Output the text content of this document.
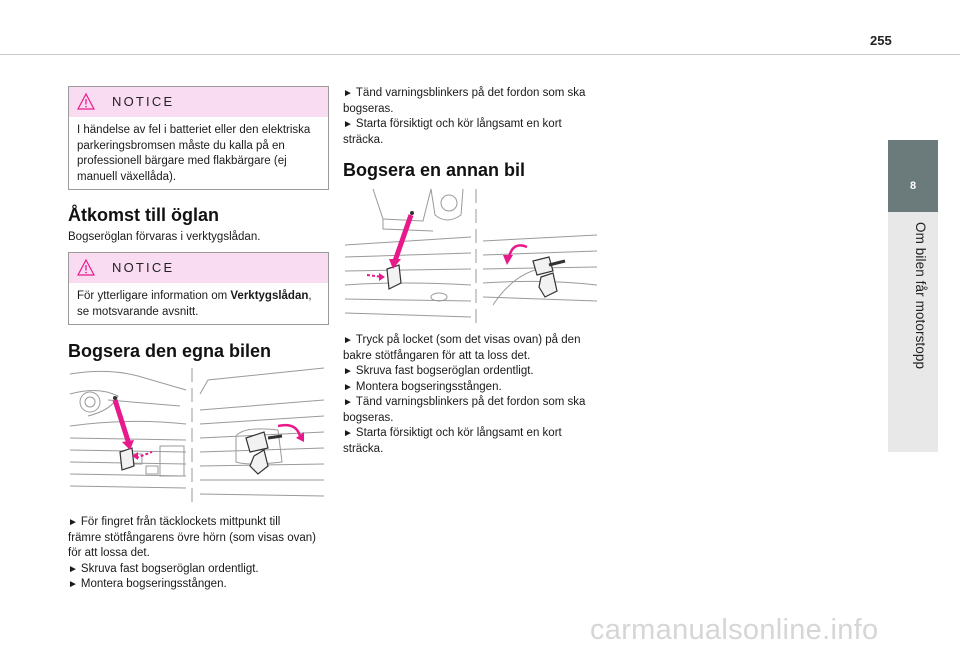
255
8
Om bilen får motorstopp
NOTICE
I händelse av fel i batteriet eller den elektriska
parkeringsbromsen måste du kalla på en
professionell bärgare med flakbärgare (ej
manuell växellåda).
Åtkomst till öglan
Bogseröglan förvaras i verktygslådan.
NOTICE
För ytterligare information om Verktygslådan,
se motsvarande avsnitt.
Bogsera den egna bilen
► För fingret från täcklockets mittpunkt till
främre stötfångarens övre hörn (som visas ovan)
för att lossa det.
► Skruva fast bogseröglan ordentligt.
► Montera bogseringsstången.
► Tänd varningsblinkers på det fordon som ska
bogseras.
► Starta försiktigt och kör långsamt en kort
sträcka.
Bogsera en annan bil
► Tryck på locket (som det visas ovan) på den
bakre stötfångaren för att ta loss det.
► Skruva fast bogseröglan ordentligt.
► Montera bogseringsstången.
► Tänd varningsblinkers på det fordon som ska
bogseras.
► Starta försiktigt och kör långsamt en kort
sträcka.
carmanualsonline.info
